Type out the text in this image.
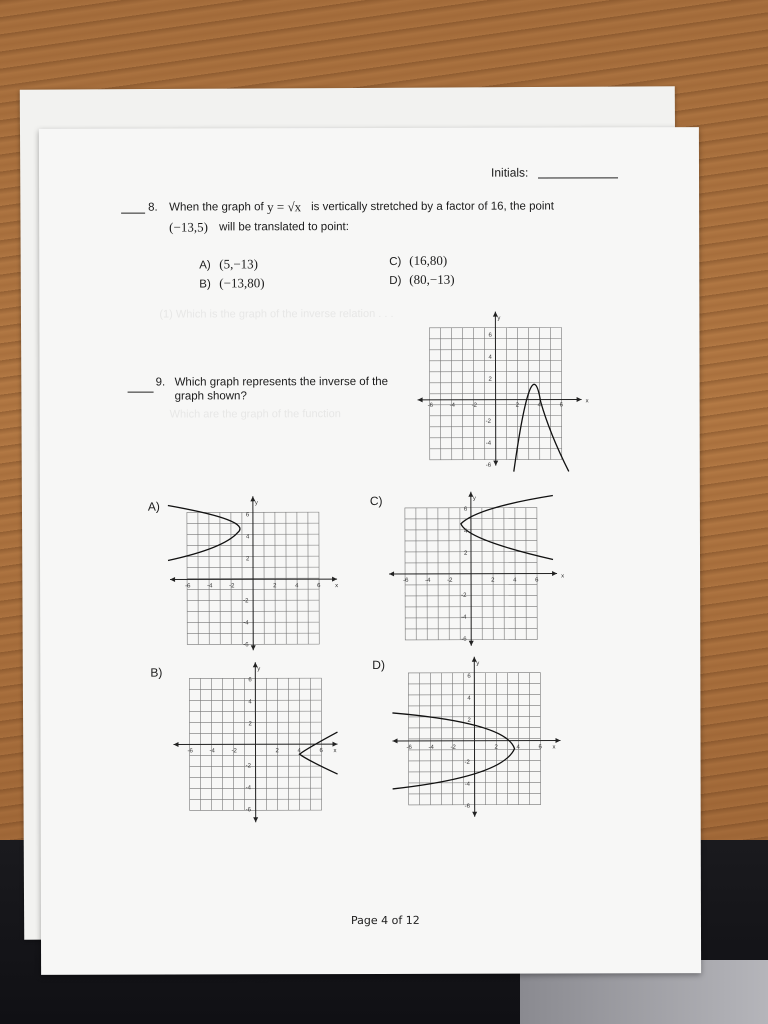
(1) Which is the graph of the inverse relation . . .
Which are the graph of the function
Initials:
8. When the graph of y = √x is vertically stretched by a factor of 16, the point
(−13,5) will be translated to point:
A) (5,−13)
B) (−13,80)
C) (16,80)
D) (80,−13)
9. Which graph represents the inverse of the
graph shown?
y
x
2	4	6
-2
-4
-6
2
4
6
-2
-4
-6
A)	y
x
2	4	6
-2
-4
-6
2
4
6
-2
-4
-6
C)	y
x
2	4	6
-2
-4
-6
2
4
6
-2
-4
-6
B)	y
x
2	4	6
-2
-4
-6
2
4
6
-2
-4
-6
D)	y
x
2	4	6
-2
-4
-6
2
4
6
-2
-4
-6
Page 4 of 12
